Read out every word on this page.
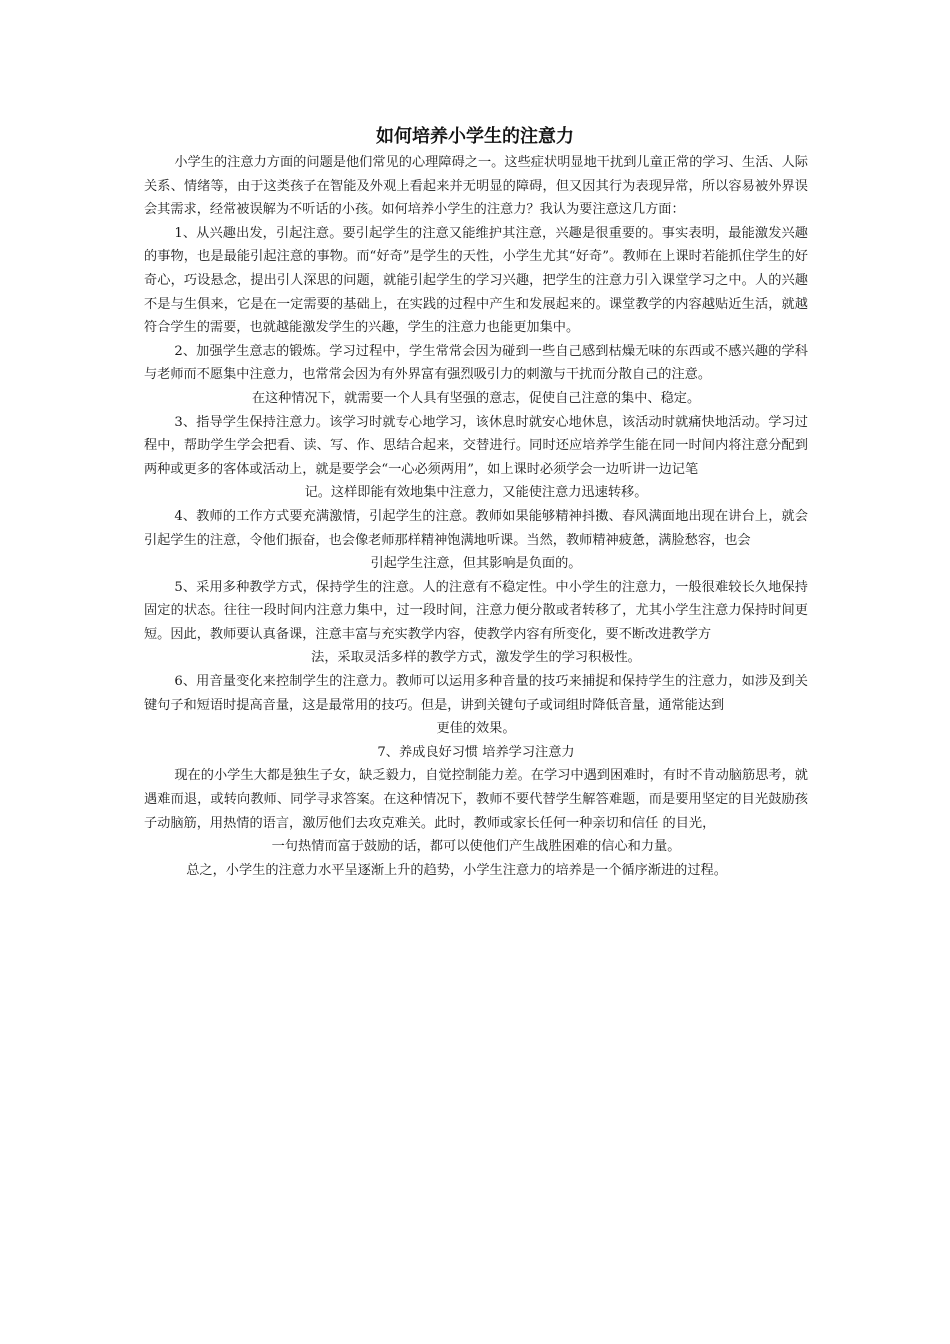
如何培养小学生的注意力

小学生的注意力方面的问题是他们常见的心理障碍之一。这些症状明显地干扰到儿童正常的学习、生活、人际关系、情绪等，由于这类孩子在智能及外观上看起来并无明显的障碍，但又因其行为表现异常，所以容易被外界误会其需求，经常被误解为不听话的小孩。如何培养小学生的注意力？我认为要注意这几方面：

1、从兴趣出发，引起注意。要引起学生的注意又能维护其注意，兴趣是很重要的。事实表明，最能激发兴趣的事物，也是最能引起注意的事物。而“好奇”是学生的天性，小学生尤其“好奇”。教师在上课时若能抓住学生的好奇心，巧设悬念，提出引人深思的问题，就能引起学生的学习兴趣，把学生的注意力引入课堂学习之中。人的兴趣不是与生俱来，它是在一定需要的基础上，在实践的过程中产生和发展起来的。课堂教学的内容越贴近生活，就越符合学生的需要，也就越能激发学生的兴趣，学生的注意力也能更加集中。

2、加强学生意志的锻炼。学习过程中，学生常常会因为碰到一些自己感到枯燥无味的东西或不感兴趣的学科与老师而不愿集中注意力，也常常会因为有外界富有强烈吸引力的刺激与干扰而分散自己的注意。

在这种情况下，就需要一个人具有坚强的意志，促使自己注意的集中、稳定。

3、指导学生保持注意力。该学习时就专心地学习，该休息时就安心地休息，该活动时就痛快地活动。学习过程中，帮助学生学会把看、读、写、作、思结合起来，交替进行。同时还应培养学生能在同一时间内将注意分配到两种或更多的客体或活动上，就是要学会“一心必须两用”，如上课时必须学会一边听讲一边记笔

记。这样即能有效地集中注意力，又能使注意力迅速转移。

4、教师的工作方式要充满激情，引起学生的注意。教师如果能够精神抖擞、春风满面地出现在讲台上，就会引起学生的注意，令他们振奋，也会像老师那样精神饱满地听课。当然，教师精神疲惫，满脸愁容，也会

引起学生注意，但其影响是负面的。

5、采用多种教学方式，保持学生的注意。人的注意有不稳定性。中小学生的注意力，一般很难较长久地保持固定的状态。往往一段时间内注意力集中，过一段时间，注意力便分散或者转移了，尤其小学生注意力保持时间更短。因此，教师要认真备课，注意丰富与充实教学内容，使教学内容有所变化，要不断改进教学方

法，采取灵活多样的教学方式，激发学生的学习积极性。

6、用音量变化来控制学生的注意力。教师可以运用多种音量的技巧来捕捉和保持学生的注意力，如涉及到关键句子和短语时提高音量，这是最常用的技巧。但是，讲到关键句子或词组时降低音量，通常能达到

更佳的效果。

7、养成良好习惯 培养学习注意力

现在的小学生大都是独生子女，缺乏毅力，自觉控制能力差。在学习中遇到困难时，有时不肯动脑筋思考，就遇难而退，或转向教师、同学寻求答案。在这种情况下，教师不要代替学生解答难题，而是要用坚定的目光鼓励孩子动脑筋，用热情的语言，激厉他们去攻克难关。此时，教师或家长任何一种亲切和信任 的目光，

一句热情而富于鼓励的话，都可以使他们产生战胜困难的信心和力量。

总之，小学生的注意力水平呈逐渐上升的趋势，小学生注意力的培养是一个循序渐进的过程。
